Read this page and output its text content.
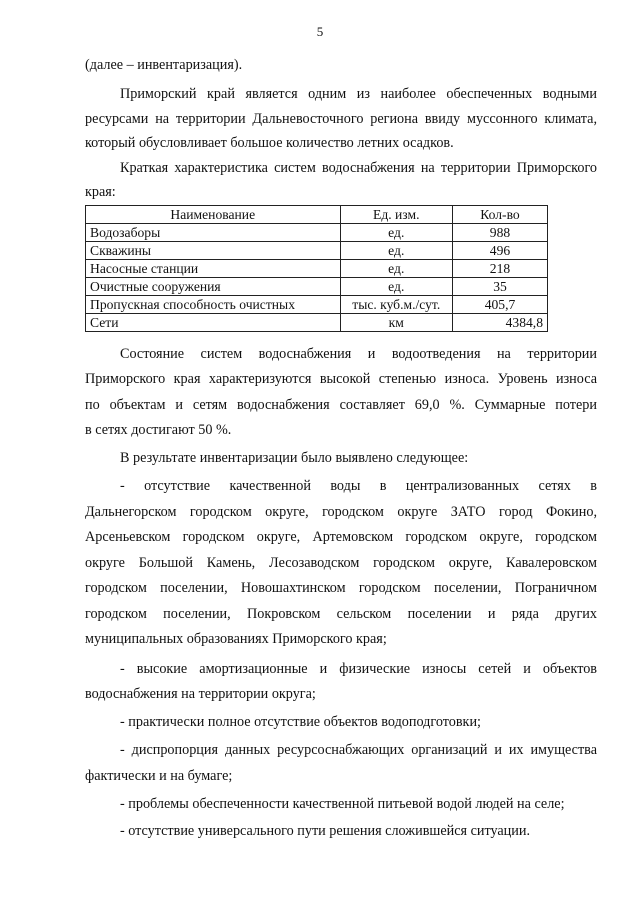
5
(далее – инвентаризация).
Приморский край является одним из наиболее обеспеченных водными
ресурсами на территории Дальневосточного региона ввиду муссонного климата,
который обусловливает большое количество летних осадков.
Краткая характеристика систем водоснабжения на территории Приморского
края:
Наименование	Ед. изм.	Кол-во
Водозаборы	ед.	988
Скважины	ед.	496
Насосные станции	ед.	218
Очистные сооружения	ед.	35
Пропускная способность очистных	тыс. куб.м./сут.	405,7
Сети	км	4384,8
Состояние систем водоснабжения и водоотведения на территории
Приморского края характеризуются высокой степенью износа. Уровень износа
по объектам и сетям водоснабжения составляет 69,0 %. Суммарные потери
в сетях достигают 50 %.
В результате инвентаризации было выявлено следующее:
- отсутствие качественной воды в централизованных сетях в
Дальнегорском городском округе, городском округе ЗАТО город Фокино,
Арсеньевском городском округе, Артемовском городском округе, городском
округе Большой Камень, Лесозаводском городском округе, Кавалеровском
городском поселении, Новошахтинском городском поселении, Пограничном
городском поселении, Покровском сельском поселении и ряда других
муниципальных образованиях Приморского края;
- высокие амортизационные и физические износы сетей и объектов
водоснабжения на территории округа;
- практически полное отсутствие объектов водоподготовки;
- диспропорция данных ресурсоснабжающих организаций и их имущества
фактически и на бумаге;
- проблемы обеспеченности качественной питьевой водой людей на селе;
- отсутствие универсального пути решения сложившейся ситуации.
